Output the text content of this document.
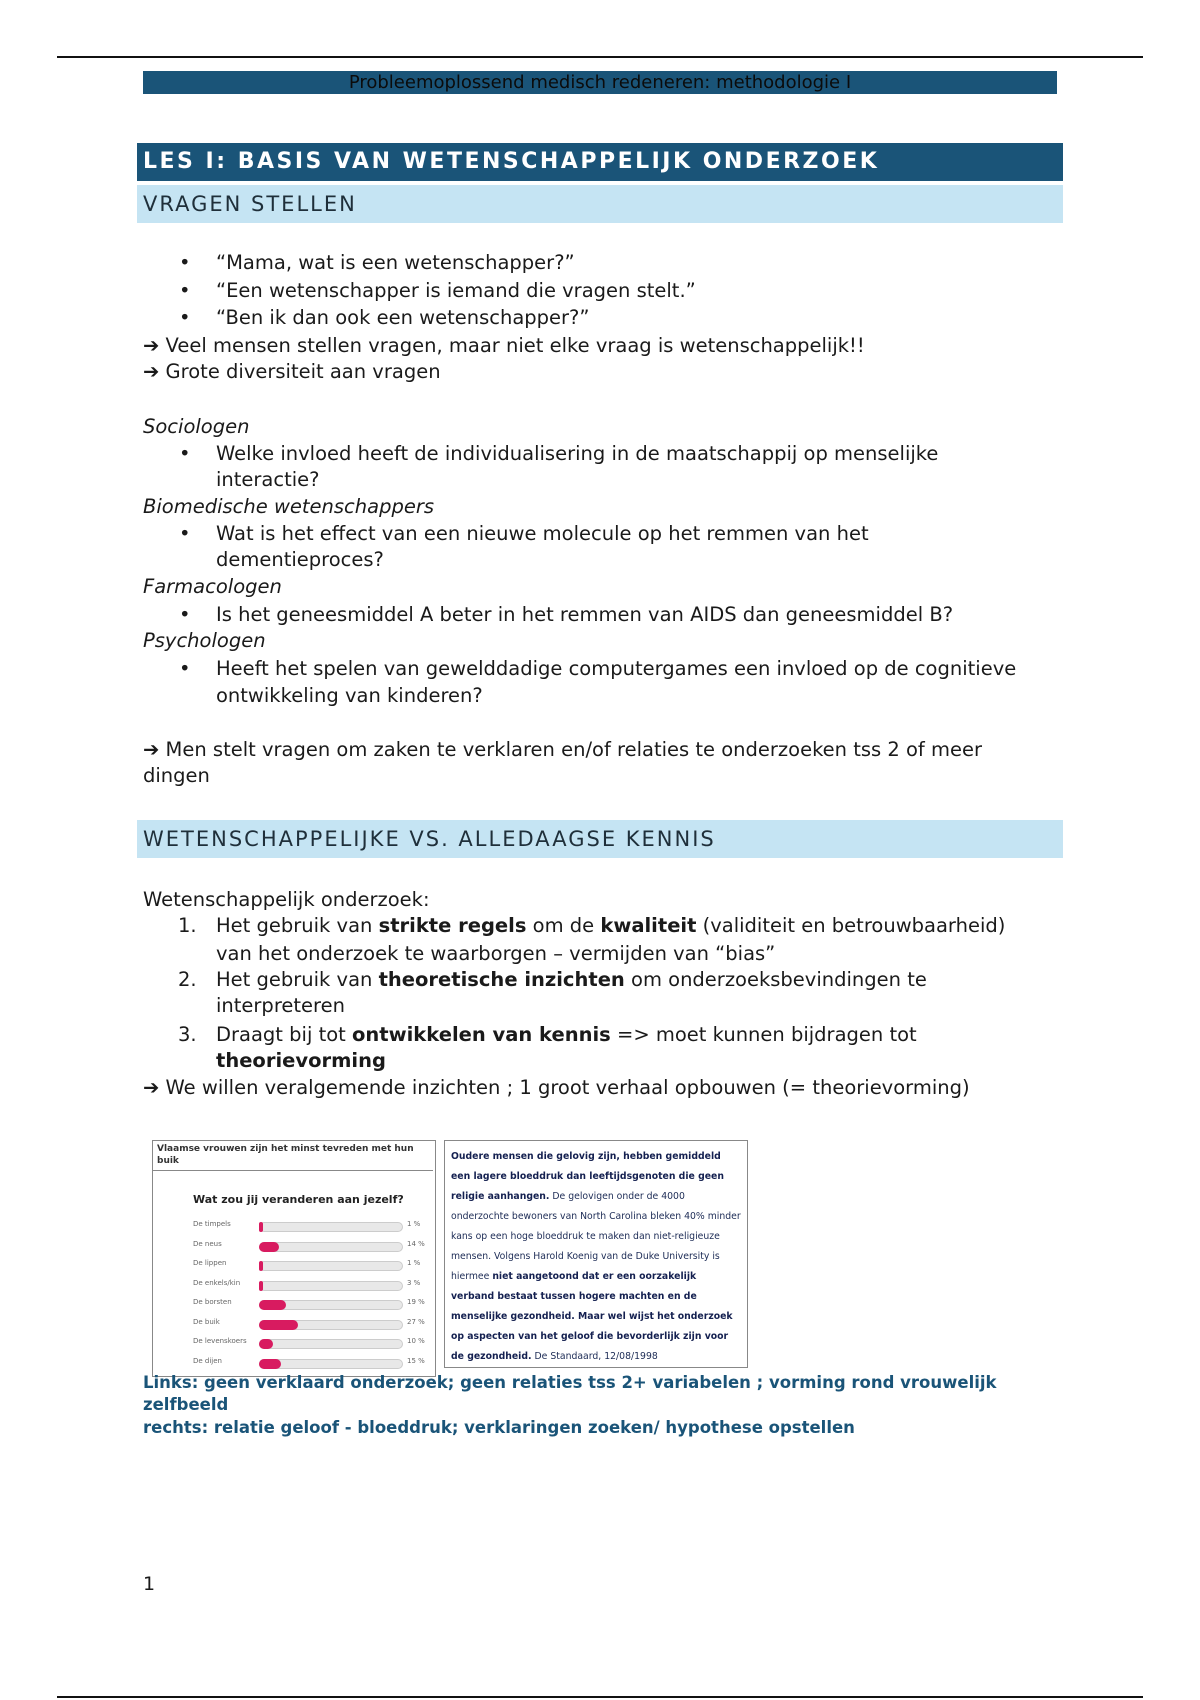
Probleemoplossend medisch redeneren: methodologie I
LES I: BASIS VAN WETENSCHAPPELIJK ONDERZOEK
VRAGEN STELLEN
• “Mama, wat is een wetenschapper?”
• “Een wetenschapper is iemand die vragen stelt.”
• “Ben ik dan ook een wetenschapper?”
➔ Veel mensen stellen vragen, maar niet elke vraag is wetenschappelijk!!
➔ Grote diversiteit aan vragen
Sociologen
• Welke invloed heeft de individualisering in de maatschappij op menselijke
interactie?
Biomedische wetenschappers
• Wat is het effect van een nieuwe molecule op het remmen van het
dementieproces?
Farmacologen
• Is het geneesmiddel A beter in het remmen van AIDS dan geneesmiddel B?
Psychologen
• Heeft het spelen van gewelddadige computergames een invloed op de cognitieve
ontwikkeling van kinderen?
➔ Men stelt vragen om zaken te verklaren en/of relaties te onderzoeken tss 2 of meer
dingen
WETENSCHAPPELIJKE VS. ALLEDAAGSE KENNIS
Wetenschappelijk onderzoek:
1. Het gebruik van strikte regels om de kwaliteit (validiteit en betrouwbaarheid)
van het onderzoek te waarborgen – vermijden van “bias”
2. Het gebruik van theoretische inzichten om onderzoeksbevindingen te
interpreteren
3. Draagt bij tot ontwikkelen van kennis => moet kunnen bijdragen tot
theorievorming
➔ We willen veralgemende inzichten ; 1 groot verhaal opbouwen (= theorievorming)
Vlaamse vrouwen zijn het minst tevreden met hun buik
Wat zou jij veranderen aan jezelf?
De timpels	1 %
De neus	14 %
De lippen	1 %
De enkels/kin	3 %
De borsten	19 %
De buik	27 %
De levenskoers	10 %
De dijen	15 %
Oudere mensen die gelovig zijn, hebben gemiddeld een lagere bloeddruk dan leeftijdsgenoten die geen religie aanhangen. De gelovigen onder de 4000 onderzochte bewoners van North Carolina bleken 40% minder kans op een hoge bloeddruk te maken dan niet-religieuze mensen. Volgens Harold Koenig van de Duke University is hiermee niet aangetoond dat er een oorzakelijk verband bestaat tussen hogere machten en de menselijke gezondheid. Maar wel wijst het onderzoek op aspecten van het geloof die bevorderlijk zijn voor de gezondheid. De Standaard, 12/08/1998
Links: geen verklaard onderzoek; geen relaties tss 2+ variabelen ; vorming rond vrouwelijk
zelfbeeld
rechts: relatie geloof - bloeddruk; verklaringen zoeken/ hypothese opstellen
1
